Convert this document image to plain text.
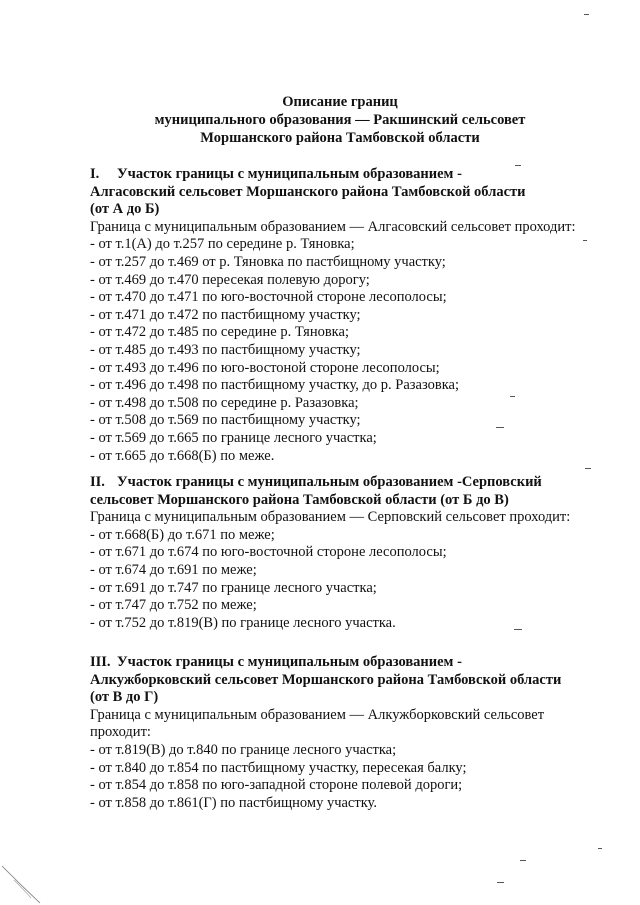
Описание границ
муниципального образования — Ракшинский сельсовет
Моршанского района Тамбовской области
I. Участок границы с муниципальным образованием -
Алгасовский сельсовет Моршанского района Тамбовской области
(от А до Б)
Граница с муниципальным образованием — Алгасовский сельсовет проходит:
- от т.1(А) до т.257 по середине р. Тяновка;
- от т.257 до т.469 от р. Тяновка по пастбищному участку;
- от т.469 до т.470 пересекая полевую дорогу;
- от т.470 до т.471 по юго-восточной стороне лесополосы;
- от т.471 до т.472 по пастбищному участку;
- от т.472 до т.485 по середине р. Тяновка;
- от т.485 до т.493 по пастбищному участку;
- от т.493 до т.496 по юго-востоной стороне лесополосы;
- от т.496 до т.498 по пастбищному участку, до р. Разазовка;
- от т.498 до т.508 по середине р. Разазовка;
- от т.508 до т.569 по пастбищному участку;
- от т.569 до т.665 по границе лесного участка;
- от т.665 до т.668(Б) по меже.
II. Участок границы с муниципальным образованием -Серповский
сельсовет Моршанского района Тамбовской области (от Б до В)
Граница с муниципальным образованием — Серповский сельсовет проходит:
- от т.668(Б) до т.671 по меже;
- от т.671 до т.674 по юго-восточной стороне лесополосы;
- от т.674 до т.691 по меже;
- от т.691 до т.747 по границе лесного участка;
- от т.747 до т.752 по меже;
- от т.752 до т.819(В) по границе лесного участка.
III. Участок границы с муниципальным образованием -
Алкужборковский сельсовет Моршанского района Тамбовской области
(от В до Г)
Граница с муниципальным образованием — Алкужборковский сельсовет
проходит:
- от т.819(В) до т.840 по границе лесного участка;
- от т.840 до т.854 по пастбищному участку, пересекая балку;
- от т.854 до т.858 по юго-западной стороне полевой дороги;
- от т.858 до т.861(Г) по пастбищному участку.
